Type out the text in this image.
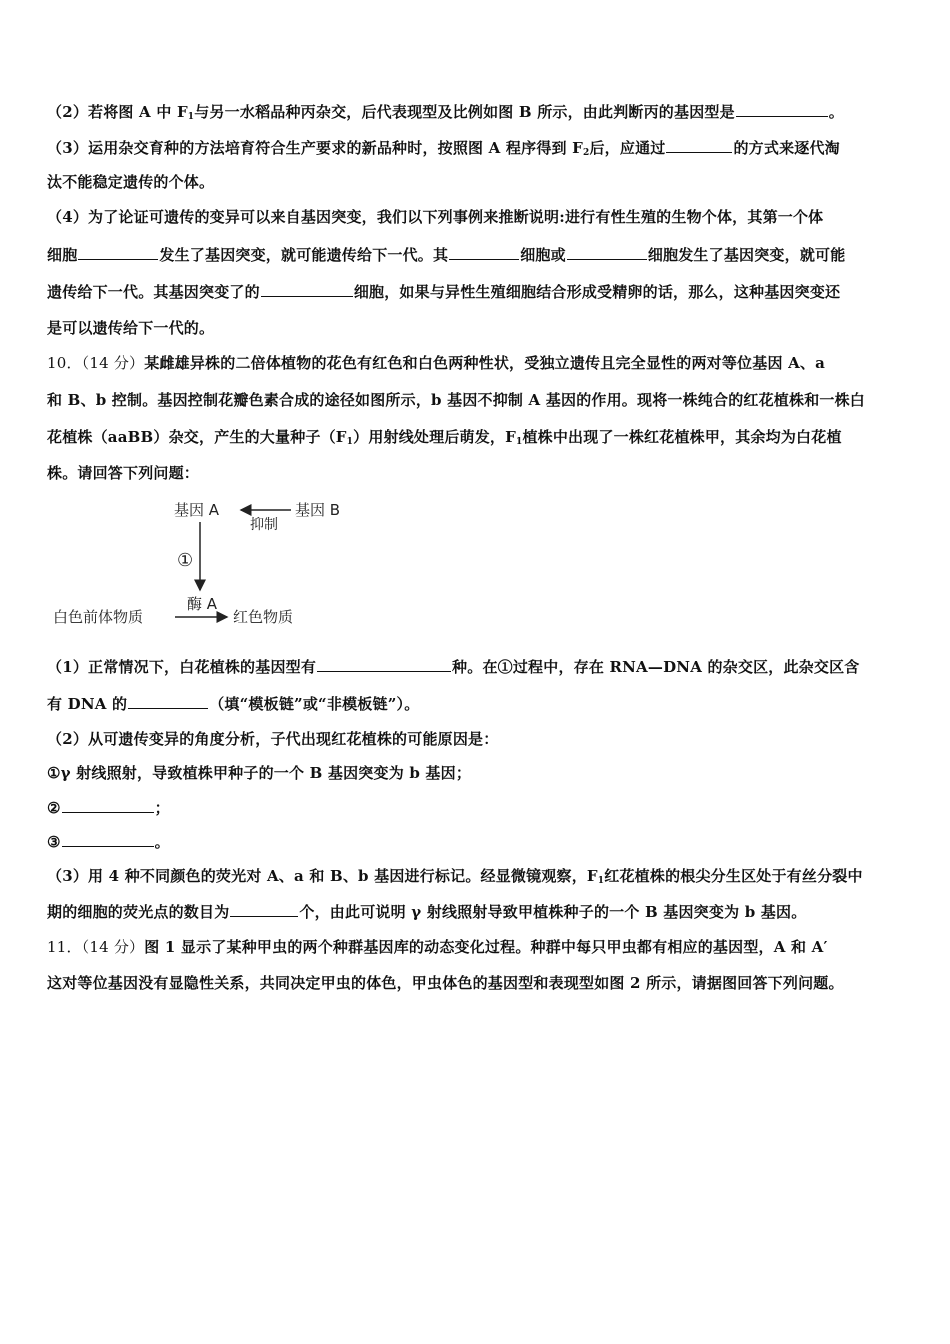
（2）若将图 A 中 $F_1$与另一水稻品种丙杂交，后代表现型及比例如图 B 所示，由此判断丙的基因型是	。
（3）运用杂交育种的方法培育符合生产要求的新品种时，按照图 A 程序得到 $F_2$后，应通过	的方式来逐代淘
汰不能稳定遗传的个体。
（4）为了论证可遗传的变异可以来自基因突变，我们以下列事例来推断说明:进行有性生殖的生物个体，其第一个体
细胞	发生了基因突变，就可能遗传给下一代。其	细胞或	细胞发生了基因突变，就可能
遗传给下一代。其基因突变了的	细胞，如果与异性生殖细胞结合形成受精卵的话，那么，这种基因突变还
是可以遗传给下一代的。
10．（14 分）某雌雄异株的二倍体植物的花色有红色和白色两种性状，受独立遗传且完全显性的两对等位基因 A、a
和 B、b 控制。基因控制花瓣色素合成的途径如图所示，b 基因不抑制 A 基因的作用。现将一株纯合的红花植株和一株白
花植株（aaBB）杂交，产生的大量种子$(F_1)$用射线处理后萌发，$F_1$植株中出现了一株红花植株甲，其余均为白花植
株。请回答下列问题：
基因 A	基因 B
抑制
①
酶 A
白色前体物质	红色物质
（1）正常情况下，白花植株的基因型有	种。在①过程中，存在 RNA—DNA 的杂交区，此杂交区含
有 DNA 的	（填“模板链”或“非模板链”）。
（2）从可遗传变异的角度分析，子代出现红花植株的可能原因是：
①γ 射线照射，导致植株甲种子的一个 B 基因突变为 b 基因；
②	；
③	。
（3）用 4 种不同颜色的荧光对 A、a 和 B、b 基因进行标记。经显微镜观察，$F_1$红花植株的根尖分生区处于有丝分裂中
期的细胞的荧光点的数目为	个，由此可说明 γ 射线照射导致甲植株种子的一个 B 基因突变为 b 基因。
11．（14 分）图 1 显示了某种甲虫的两个种群基因库的动态变化过程。种群中每只甲虫都有相应的基因型，A 和 A′
这对等位基因没有显隐性关系，共同决定甲虫的体色，甲虫体色的基因型和表现型如图 2 所示，请据图回答下列问题。
